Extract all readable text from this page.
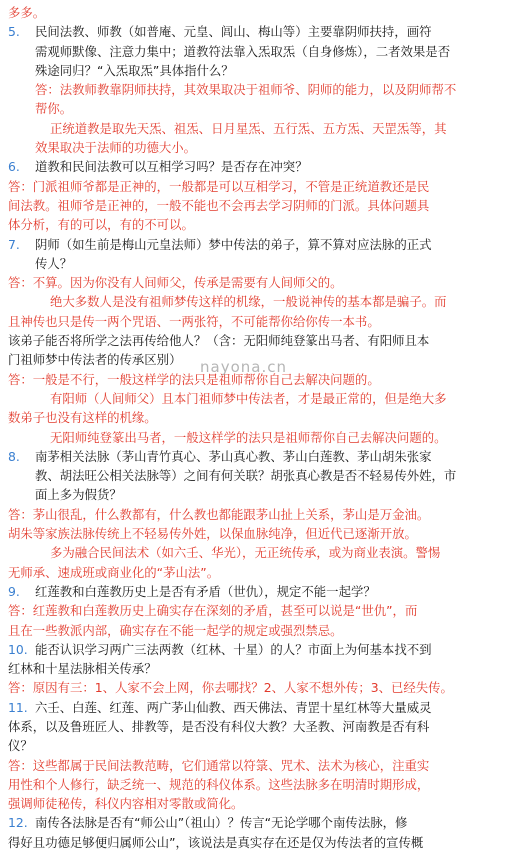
多多。
5. 民间法教、师教（如普庵、元皇、闾山、梅山等）主要靠阴师扶持，画符
需观师默像、注意力集中；道教符法靠入炁取炁（自身修炼），二者效果是否
殊途同归？“入炁取炁”具体指什么？
答：法教师教靠阴师扶持，其效果取决于祖师爷、阴师的能力，以及阴师帮不
帮你。
正统道教是取先天炁、祖炁、日月星炁、五行炁、五方炁、天罡炁等，其
效果取决于法师的功德大小。
6. 道教和民间法教可以互相学习吗？是否存在冲突？
答：门派祖师爷都是正神的，一般都是可以互相学习，不管是正统道教还是民
间法教。祖师爷是正神的，一般不能也不会再去学习阴师的门派。具体问题具
体分析，有的可以，有的不可以。
7. 阴师（如生前是梅山元皇法师）梦中传法的弟子，算不算对应法脉的正式
传人？
答：不算。因为你没有人间师父，传承是需要有人间师父的。
绝大多数人是没有祖师梦传这样的机缘，一般说神传的基本都是骗子。而
且神传也只是传一两个咒语、一两张符，不可能帮你给你传一本书。
该弟子能否将所学之法再传给他人？（含：无阳师纯登篆出马者、有阳师且本
门祖师梦中传法者的传承区别）
答：一般是不行，一般这样学的法只是祖师帮你自己去解决问题的。
有阳师（人间师父）且本门祖师梦中传法者，才是最正常的，但是绝大多
数弟子也没有这样的机缘。
无阳师纯登篆出马者，一般这样学的法只是祖师帮你自己去解决问题的。
8. 南茅相关法脉（茅山青竹真心、茅山真心教、茅山白莲教、茅山胡朱张家
教、胡法旺公相关法脉等）之间有何关联？胡张真心教是否不轻易传外姓，市
面上多为假货？
答：茅山很乱，什么教都有，什么教也都能跟茅山扯上关系，茅山是万金油。
胡朱等家族法脉传统上不轻易传外姓，以保血脉纯净，但近代已逐渐开放。
多为融合民间法术（如六壬、华光），无正统传承，或为商业表演。警惕
无师承、速成班或商业化的“茅山法”。
9. 红莲教和白莲教历史上是否有矛盾（世仇），规定不能一起学？
答：红莲教和白莲教历史上确实存在深刻的矛盾，甚至可以说是“世仇”，而
且在一些教派内部，确实存在不能一起学的规定或强烈禁忌。
10. 能否认识学习两广三法两教（红林、十星）的人？市面上为何基本找不到
红林和十星法脉相关传承？
答：原因有三：1、人家不会上网，你去哪找？2、人家不想外传；3、已经失传。
11. 六壬、白莲、红莲、两广茅山仙教、西天佛法、青罡十星红林等大量威灵
体系，以及鲁班匠人、排教等，是否没有科仪大教？大圣教、河南教是否有科
仪？
答：这些都属于民间法教范畴，它们通常以符箓、咒术、法术为核心，注重实
用性和个人修行，缺乏统一、规范的科仪体系。这些法脉多在明清时期形成，
强调师徒秘传，科仪内容相对零散或简化。
12. 南传各法脉是否有“师公山”（祖山）？传言“无论学哪个南传法脉，修
得好且功德足够便归属师公山”，该说法是真实存在还是仅为传法者的宣传概
nayona.cn
